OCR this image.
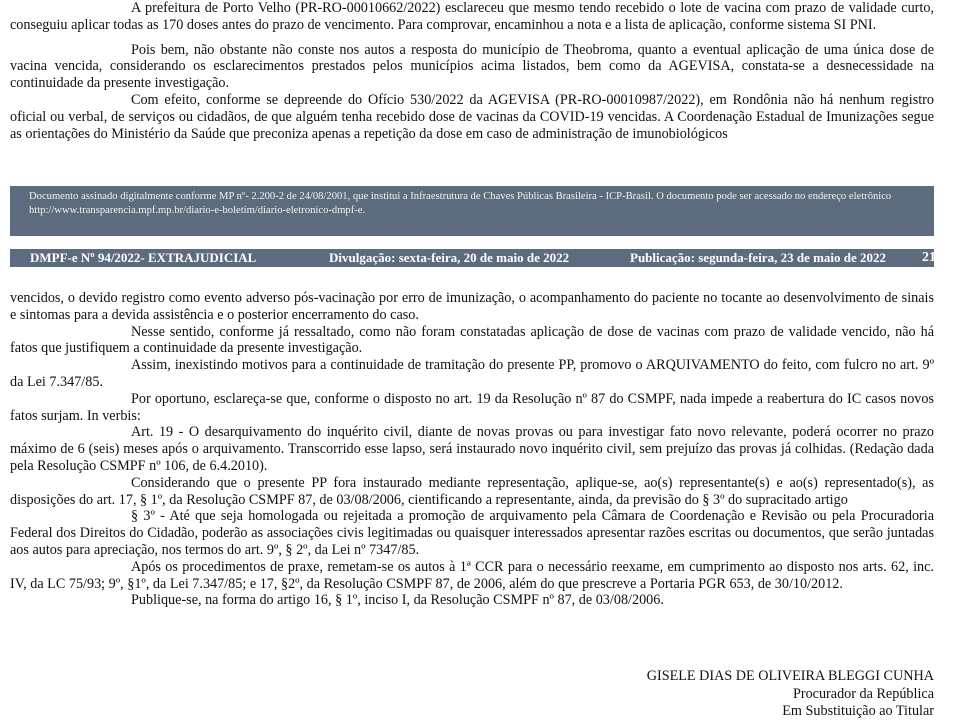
A prefeitura de Porto Velho (PR-RO-00010662/2022) esclareceu que mesmo tendo recebido o lote de vacina com prazo de validade curto, conseguiu aplicar todas as 170 doses antes do prazo de vencimento. Para comprovar, encaminhou a nota e a lista de aplicação, conforme sistema SI PNI.

Pois bem, não obstante não conste nos autos a resposta do município de Theobroma, quanto a eventual aplicação de uma única dose de vacina vencida, considerando os esclarecimentos prestados pelos municípios acima listados, bem como da AGEVISA, constata-se a desnecessidade na continuidade da presente investigação.

Com efeito, conforme se depreende do Ofício 530/2022 da AGEVISA (PR-RO-00010987/2022), em Rondônia não há nenhum registro oficial ou verbal, de serviços ou cidadãos, de que alguém tenha recebido dose de vacinas da COVID-19 vencidas. A Coordenação Estadual de Imunizações segue as orientações do Ministério da Saúde que preconiza apenas a repetição da dose em caso de administração de imunobiológicos

Documento assinado digitalmente conforme MP nº- 2.200-2 de 24/08/2001, que institui a Infraestrutura de Chaves Públicas Brasileira - ICP-Brasil. O documento pode ser acessado no endereço eletrônico http://www.transparencia.mpf.mp.br/diario-e-boletim/diario-eletronico-dmpf-e.
DMPF-e Nº 94/2022- EXTRAJUDICIAL	Divulgação: sexta-feira, 20 de maio de 2022	Publicação: segunda-feira, 23 de maio de 2022	21

vencidos, o devido registro como evento adverso pós-vacinação por erro de imunização, o acompanhamento do paciente no tocante ao desenvolvimento de sinais e sintomas para a devida assistência e o posterior encerramento do caso.

Nesse sentido, conforme já ressaltado, como não foram constatadas aplicação de dose de vacinas com prazo de validade vencido, não há fatos que justifiquem a continuidade da presente investigação.

Assim, inexistindo motivos para a continuidade de tramitação do presente PP, promovo o ARQUIVAMENTO do feito, com fulcro no art. 9º da Lei 7.347/85.

Por oportuno, esclareça-se que, conforme o disposto no art. 19 da Resolução nº 87 do CSMPF, nada impede a reabertura do IC casos novos fatos surjam. In verbis:

Art. 19 - O desarquivamento do inquérito civil, diante de novas provas ou para investigar fato novo relevante, poderá ocorrer no prazo máximo de 6 (seis) meses após o arquivamento. Transcorrido esse lapso, será instaurado novo inquérito civil, sem prejuízo das provas já colhidas. (Redação dada pela Resolução CSMPF nº 106, de 6.4.2010).

Considerando que o presente PP fora instaurado mediante representação, aplique-se, ao(s) representante(s) e ao(s) representado(s), as disposições do art. 17, § 1º, da Resolução CSMPF 87, de 03/08/2006, cientificando a representante, ainda, da previsão do § 3º do supracitado artigo

§ 3º - Até que seja homologada ou rejeitada a promoção de arquivamento pela Câmara de Coordenação e Revisão ou pela Procuradoria Federal dos Direitos do Cidadão, poderão as associações civis legitimadas ou quaisquer interessados apresentar razões escritas ou documentos, que serão juntadas aos autos para apreciação, nos termos do art. 9º, § 2º, da Lei nº 7347/85.

Após os procedimentos de praxe, remetam-se os autos à 1ª CCR para o necessário reexame, em cumprimento ao disposto nos arts. 62, inc. IV, da LC 75/93; 9º, §1º, da Lei 7.347/85; e 17, §2º, da Resolução CSMPF 87, de 2006, além do que prescreve a Portaria PGR 653, de 30/10/2012.

Publique-se, na forma do artigo 16, § 1º, inciso I, da Resolução CSMPF nº 87, de 03/08/2006.

GISELE DIAS DE OLIVEIRA BLEGGI CUNHA
Procurador da República
Em Substituição ao Titular
